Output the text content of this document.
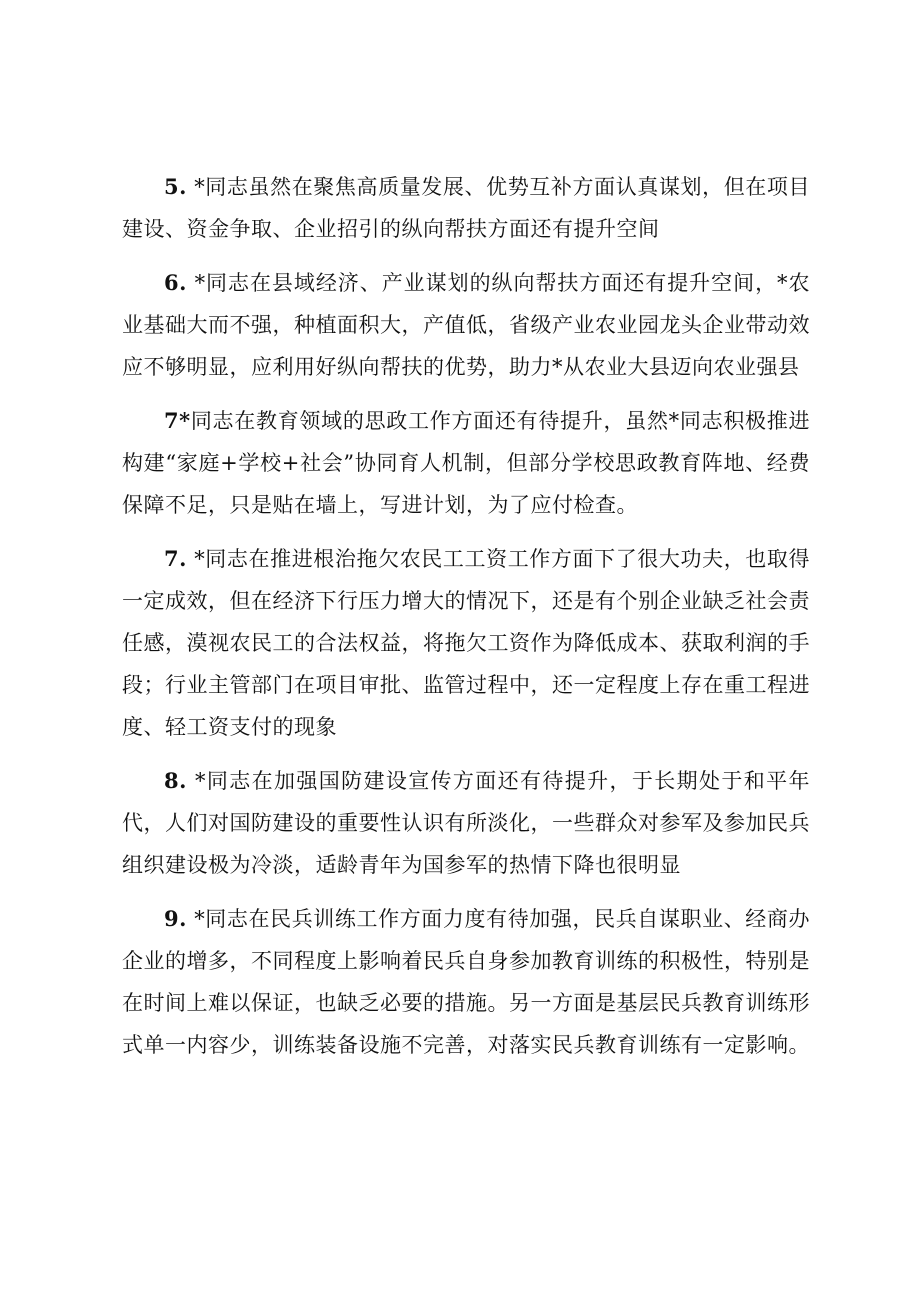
5. *同志虽然在聚焦高质量发展、优势互补方面认真谋划，但在项目建设、资金争取、企业招引的纵向帮扶方面还有提升空间

6. *同志在县域经济、产业谋划的纵向帮扶方面还有提升空间，*农业基础大而不强，种植面积大，产值低，省级产业农业园龙头企业带动效应不够明显，应利用好纵向帮扶的优势，助力*从农业大县迈向农业强县

7*同志在教育领域的思政工作方面还有待提升，虽然*同志积极推进构建“家庭+学校+社会”协同育人机制，但部分学校思政教育阵地、经费保障不足，只是贴在墙上，写进计划，为了应付检查。

7. *同志在推进根治拖欠农民工工资工作方面下了很大功夫，也取得一定成效，但在经济下行压力增大的情况下，还是有个别企业缺乏社会责任感，漠视农民工的合法权益，将拖欠工资作为降低成本、获取利润的手段；行业主管部门在项目审批、监管过程中，还一定程度上存在重工程进度、轻工资支付的现象

8. *同志在加强国防建设宣传方面还有待提升，于长期处于和平年代，人们对国防建设的重要性认识有所淡化，一些群众对参军及参加民兵组织建设极为冷淡，适龄青年为国参军的热情下降也很明显

9. *同志在民兵训练工作方面力度有待加强，民兵自谋职业、经商办企业的增多，不同程度上影响着民兵自身参加教育训练的积极性，特别是在时间上难以保证，也缺乏必要的措施。另一方面是基层民兵教育训练形式单一内容少，训练装备设施不完善，对落实民兵教育训练有一定影响。
